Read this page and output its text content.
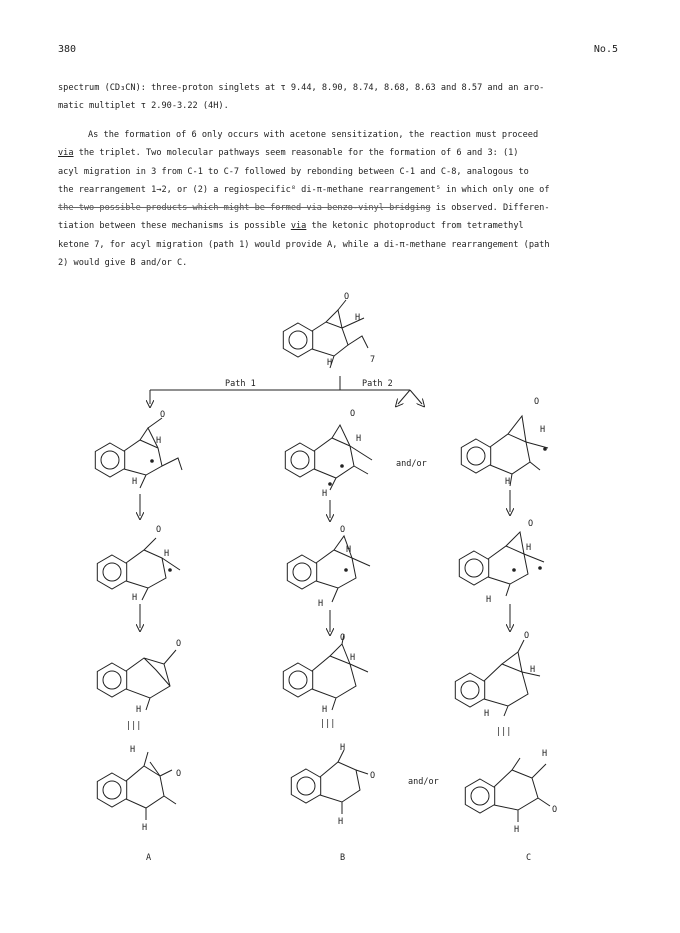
380	No.5
spectrum (CD₃CN): three-proton singlets at τ 9.44, 8.90, 8.74, 8.68, 8.63 and 8.57 and an aro-
matic multiplet τ 2.90-3.22 (4H).
As the formation of 6 only occurs with acetone sensitization, the reaction must proceed
via the triplet. Two molecular pathways seem reasonable for the formation of 6 and 3: (1)
acyl migration in 3 from C-1 to C-7 followed by rebonding between C-1 and C-8, analogous to
the rearrangement 1→2, or (2) a regiospecific⁸ di-π-methane rearrangement⁵ in which only one of
the two possible products which might be formed via benzo-vinyl bridging is observed. Differen-
tiation between these mechanisms is possible via the ketonic photoproduct from tetramethyl
ketone 7, for acyl migration (path 1) would provide A, while a di-π-methane rearrangement (path
2) would give B and/or C.
O
H
H	7
Path 1	Path 2
O
H
H
O
H
H
and/or
O
H
H
O
H
H
O
H
H
O
H
H
O
H
|||
O
H
H
|||
O
H
H
|||
H
O
H
H
O
H
and/or
H
O
H
A	B	C
